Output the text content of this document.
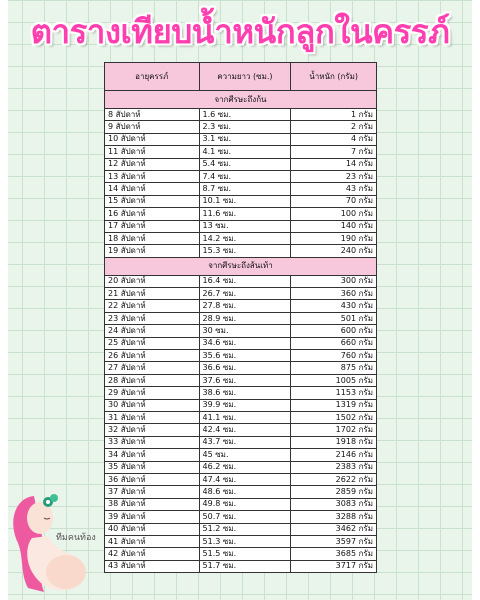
ตารางเทียบน้ำหนักลูกในครรภ์
อายุครรภ์	ความยาว (ซม.)	น้ำหนัก (กรัม)
จากศีรษะถึงก้น		
8 สัปดาห์	1.6 ซม.	1 กรัม
9 สัปดาห์	2.3 ซม.	2 กรัม
10 สัปดาห์	3.1 ซม.	4 กรัม
11 สัปดาห์	4.1 ซม.	7 กรัม
12 สัปดาห์	5.4 ซม.	14 กรัม
13 สัปดาห์	7.4 ซม.	23 กรัม
14 สัปดาห์	8.7 ซม.	43 กรัม
15 สัปดาห์	10.1 ซม.	70 กรัม
16 สัปดาห์	11.6 ซม.	100 กรัม
17 สัปดาห์	13 ซม.	140 กรัม
18 สัปดาห์	14.2 ซม.	190 กรัม
19 สัปดาห์	15.3 ซม.	240 กรัม
จากศีรษะถึงส้นเท้า		
20 สัปดาห์	16.4 ซม.	300 กรัม
21 สัปดาห์	26.7 ซม.	360 กรัม
22 สัปดาห์	27.8 ซม.	430 กรัม
23 สัปดาห์	28.9 ซม.	501 กรัม
24 สัปดาห์	30 ซม.	600 กรัม
25 สัปดาห์	34.6 ซม.	660 กรัม
26 สัปดาห์	35.6 ซม.	760 กรัม
27 สัปดาห์	36.6 ซม.	875 กรัม
28 สัปดาห์	37.6 ซม.	1005 กรัม
29 สัปดาห์	38.6 ซม.	1153 กรัม
30 สัปดาห์	39.9 ซม.	1319 กรัม
31 สัปดาห์	41.1 ซม.	1502 กรัม
32 สัปดาห์	42.4 ซม.	1702 กรัม
33 สัปดาห์	43.7 ซม.	1918 กรัม
34 สัปดาห์	45 ซม.	2146 กรัม
35 สัปดาห์	46.2 ซม.	2383 กรัม
36 สัปดาห์	47.4 ซม.	2622 กรัม
37 สัปดาห์	48.6 ซม.	2859 กรัม
38 สัปดาห์	49.8 ซม.	3083 กรัม
39 สัปดาห์	50.7 ซม.	3288 กรัม
40 สัปดาห์	51.2 ซม.	3462 กรัม
41 สัปดาห์	51.3 ซม.	3597 กรัม
42 สัปดาห์	51.5 ซม.	3685 กรัม
43 สัปดาห์	51.7 ซม.	3717 กรัม
ทีมคนท้อง
